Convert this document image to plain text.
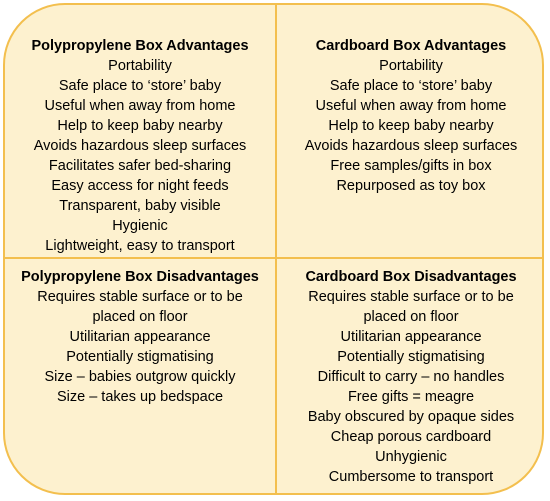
Polypropylene Box Advantages
Portability
Safe place to ‘store’ baby
Useful when away from home
Help to keep baby nearby
Avoids hazardous sleep surfaces
Facilitates safer bed-sharing
Easy access for night feeds
Transparent, baby visible
Hygienic
Lightweight, easy to transport
Cardboard Box Advantages
Portability
Safe place to ‘store’ baby
Useful when away from home
Help to keep baby nearby
Avoids hazardous sleep surfaces
Free samples/gifts in box
Repurposed as toy box
Polypropylene Box Disadvantages
Requires stable surface or to be
placed on floor
Utilitarian appearance
Potentially stigmatising
Size – babies outgrow quickly
Size – takes up bedspace
Cardboard Box Disadvantages
Requires stable surface or to be
placed on floor
Utilitarian appearance
Potentially stigmatising
Difficult to carry – no handles
Free gifts = meagre
Baby obscured by opaque sides
Cheap porous cardboard
Unhygienic
Cumbersome to transport
